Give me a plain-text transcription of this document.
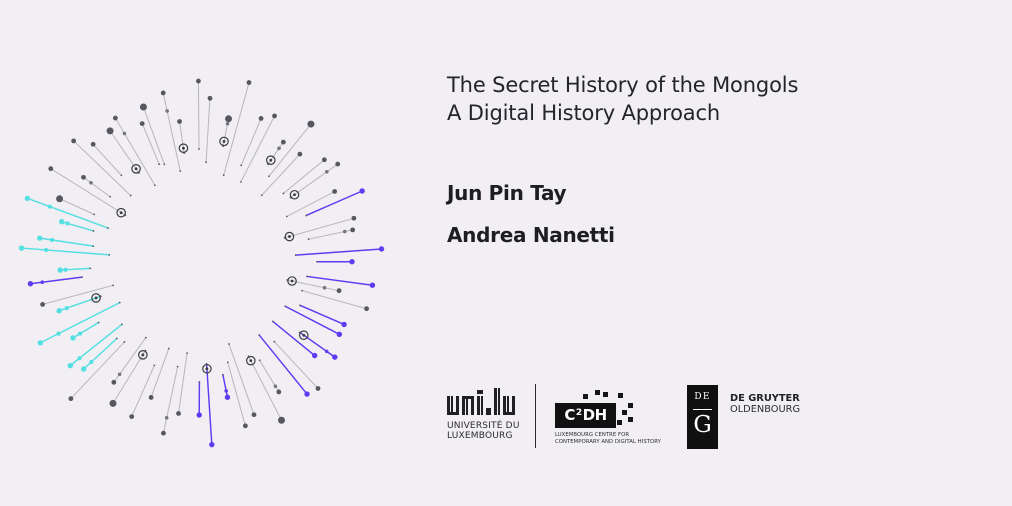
The Secret History of the Mongols
A Digital History Approach
Jun Pin Tay
Andrea Nanetti
UNIVERSITÉ DU
LUXEMBOURG
$C^2DH$
LUXEMBOURG CENTRE FOR
CONTEMPORARY AND DIGITAL HISTORY
DE
G
DE GRUYTER
OLDENBOURG
